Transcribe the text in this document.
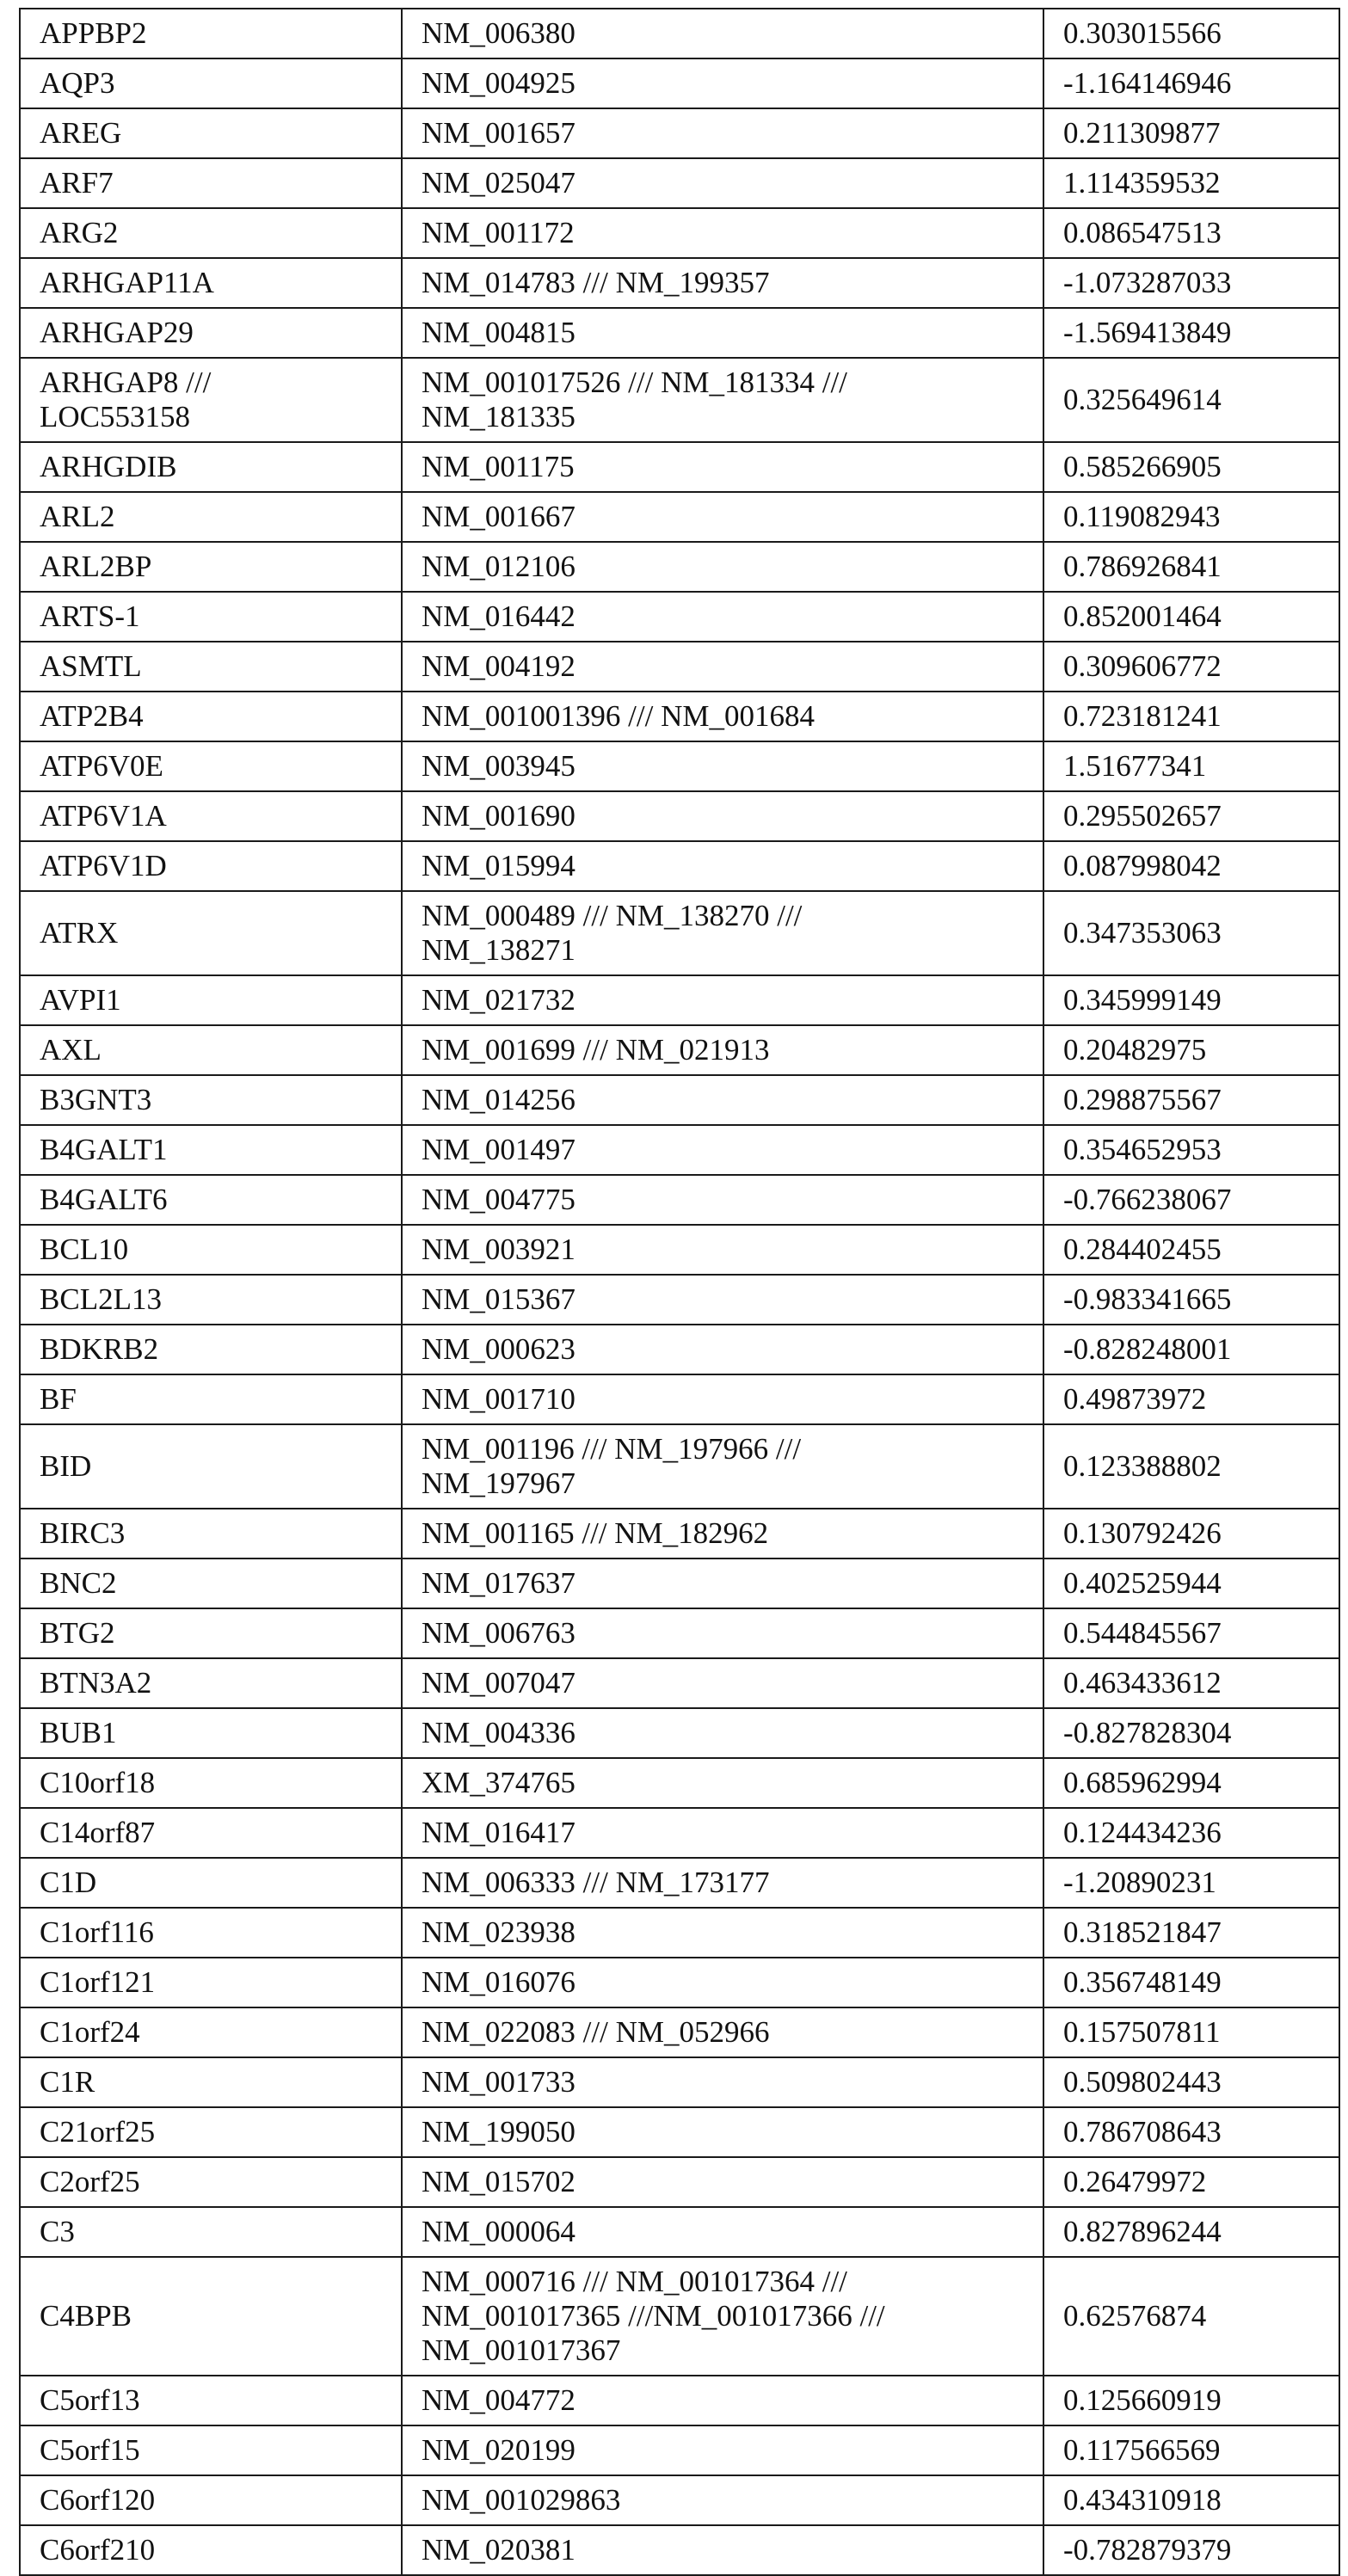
APPBP2	NM_006380	0.303015566
AQP3	NM_004925	-1.164146946
AREG	NM_001657	0.211309877
ARF7	NM_025047	1.114359532
ARG2	NM_001172	0.086547513
ARHGAP11A	NM_014783 /// NM_199357	-1.073287033
ARHGAP29	NM_004815	-1.569413849
ARHGAP8 ///
LOC553158	NM_001017526 /// NM_181334 ///
NM_181335	0.325649614
ARHGDIB	NM_001175	0.585266905
ARL2	NM_001667	0.119082943
ARL2BP	NM_012106	0.786926841
ARTS-1	NM_016442	0.852001464
ASMTL	NM_004192	0.309606772
ATP2B4	NM_001001396 /// NM_001684	0.723181241
ATP6V0E	NM_003945	1.51677341
ATP6V1A	NM_001690	0.295502657
ATP6V1D	NM_015994	0.087998042
ATRX	NM_000489 /// NM_138270 ///
NM_138271	0.347353063
AVPI1	NM_021732	0.345999149
AXL	NM_001699 /// NM_021913	0.20482975
B3GNT3	NM_014256	0.298875567
B4GALT1	NM_001497	0.354652953
B4GALT6	NM_004775	-0.766238067
BCL10	NM_003921	0.284402455
BCL2L13	NM_015367	-0.983341665
BDKRB2	NM_000623	-0.828248001
BF	NM_001710	0.49873972
BID	NM_001196 /// NM_197966 ///
NM_197967	0.123388802
BIRC3	NM_001165 /// NM_182962	0.130792426
BNC2	NM_017637	0.402525944
BTG2	NM_006763	0.544845567
BTN3A2	NM_007047	0.463433612
BUB1	NM_004336	-0.827828304
C10orf18	XM_374765	0.685962994
C14orf87	NM_016417	0.124434236
C1D	NM_006333 /// NM_173177	-1.20890231
C1orf116	NM_023938	0.318521847
C1orf121	NM_016076	0.356748149
C1orf24	NM_022083 /// NM_052966	0.157507811
C1R	NM_001733	0.509802443
C21orf25	NM_199050	0.786708643
C2orf25	NM_015702	0.26479972
C3	NM_000064	0.827896244
C4BPB	NM_000716 /// NM_001017364 ///
NM_001017365 ///NM_001017366 ///
NM_001017367	0.62576874
C5orf13	NM_004772	0.125660919
C5orf15	NM_020199	0.117566569
C6orf120	NM_001029863	0.434310918
C6orf210	NM_020381	-0.782879379
